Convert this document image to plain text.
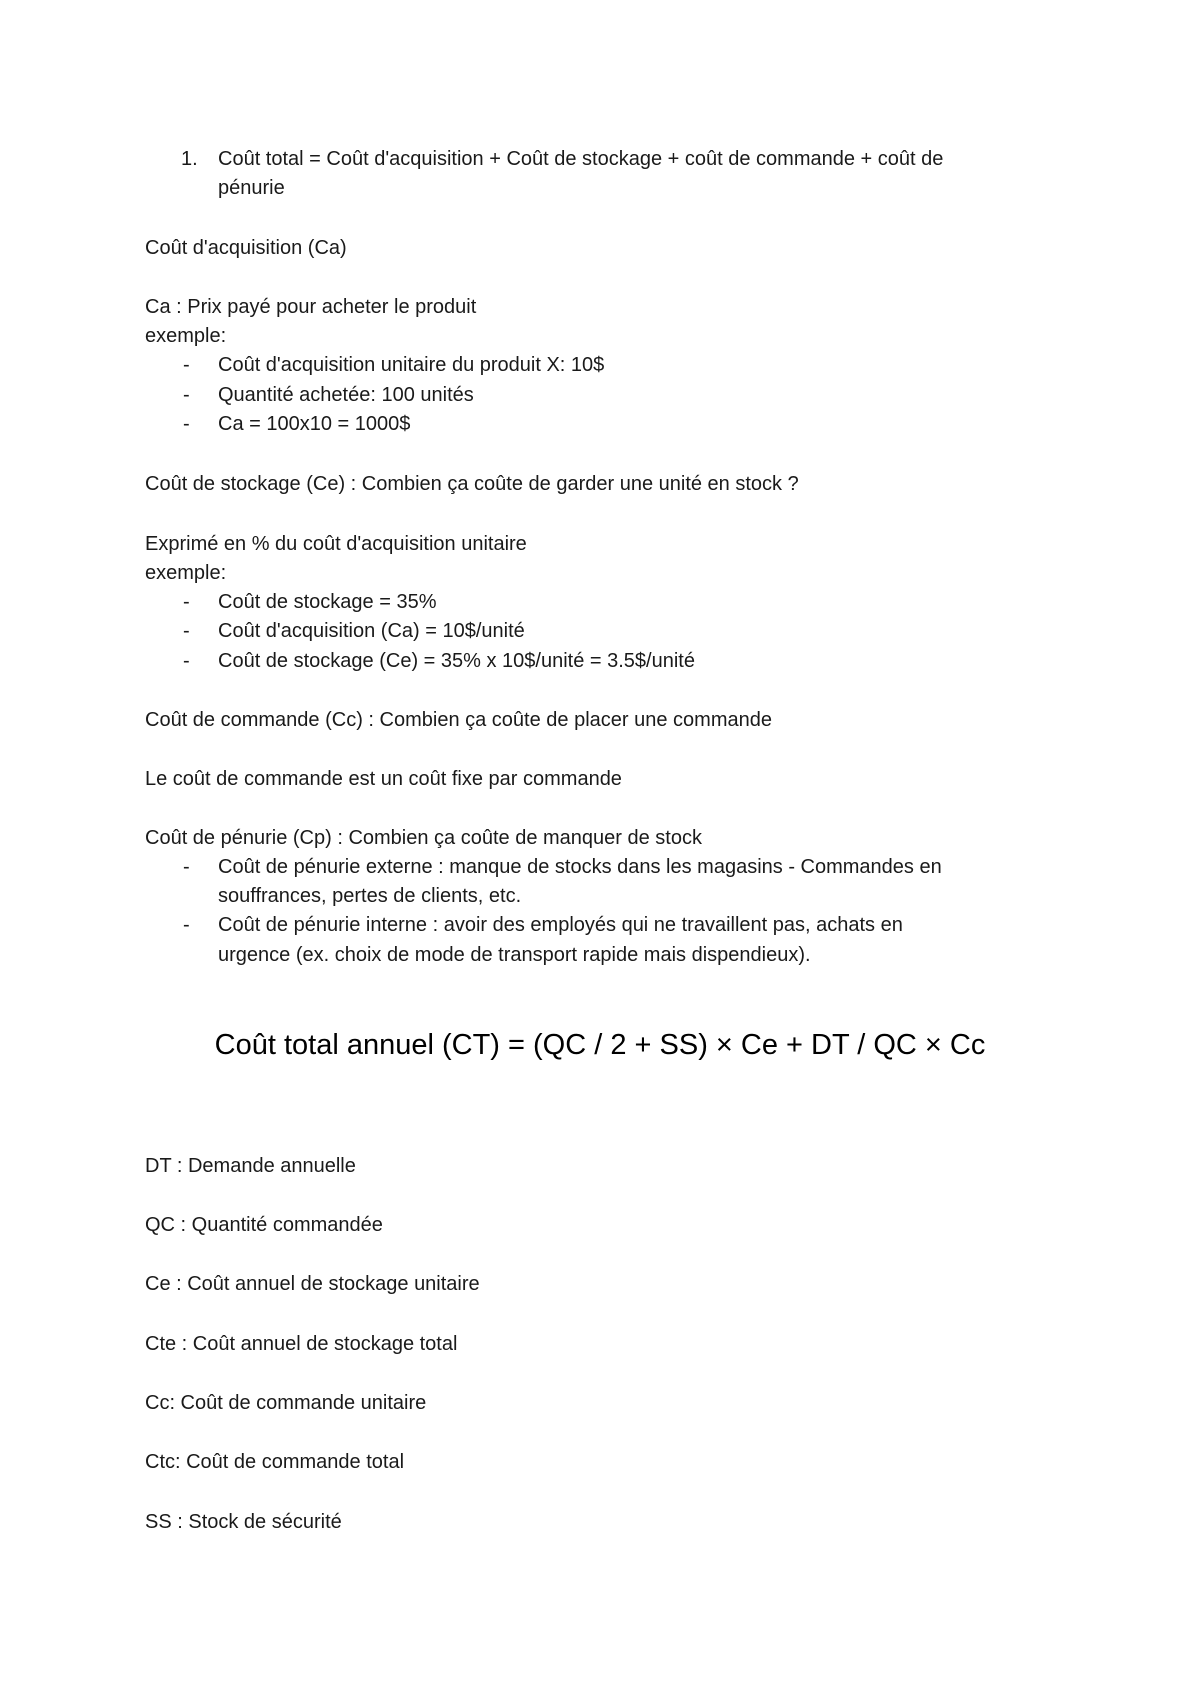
1. Coût total = Coût d'acquisition + Coût de stockage + coût de commande + coût de
pénurie
Coût d'acquisition (Ca)
Ca : Prix payé pour acheter le produit
exemple:
- Coût d'acquisition unitaire du produit X: 10$
- Quantité achetée: 100 unités
- Ca = 100x10 = 1000$
Coût de stockage (Ce) : Combien ça coûte de garder une unité en stock ?
Exprimé en % du coût d'acquisition unitaire
exemple:
- Coût de stockage = 35%
- Coût d'acquisition (Ca) = 10$/unité
- Coût de stockage (Ce) = 35% x 10$/unité = 3.5$/unité
Coût de commande (Cc) : Combien ça coûte de placer une commande
Le coût de commande est un coût fixe par commande
Coût de pénurie (Cp) : Combien ça coûte de manquer de stock
- Coût de pénurie externe : manque de stocks dans les magasins - Commandes en
souffrances, pertes de clients, etc.
- Coût de pénurie interne : avoir des employés qui ne travaillent pas, achats en
urgence (ex. choix de mode de transport rapide mais dispendieux).
Coût total annuel (CT) = (QC / 2 + SS) × Ce + DT / QC × Cc
DT : Demande annuelle
QC : Quantité commandée
Ce : Coût annuel de stockage unitaire
Cte : Coût annuel de stockage total
Cc: Coût de commande unitaire
Ctc: Coût de commande total
SS : Stock de sécurité
